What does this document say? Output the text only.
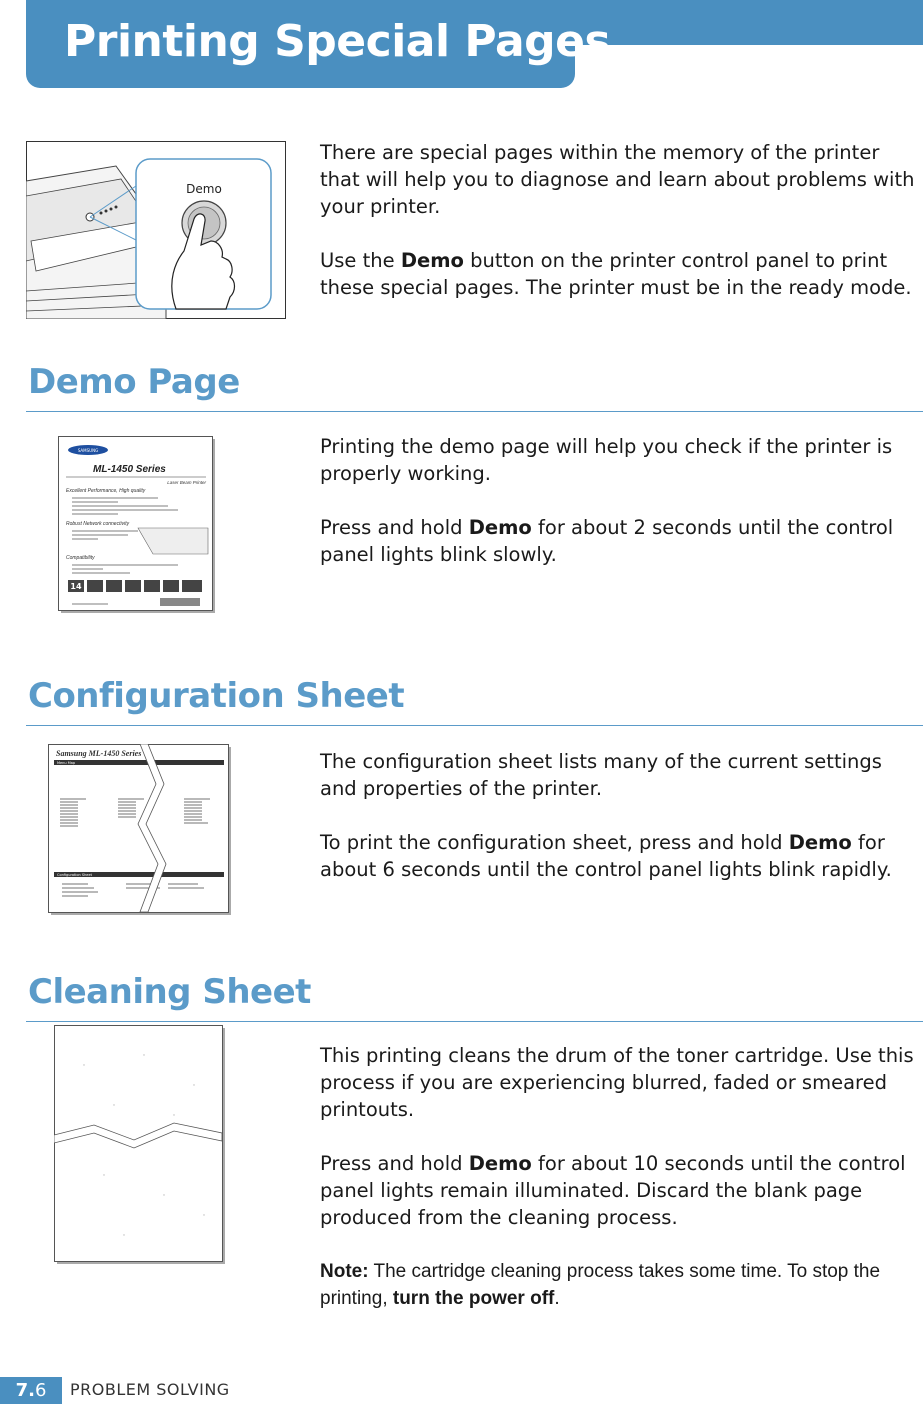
Printing Special Pages
Demo

There are special pages within the memory of the printer that will help you to diagnose and learn about problems with your printer.

Use the Demo button on the printer control panel to print these special pages. The printer must be in the ready mode.

Demo Page
SAMSUNG
ML-1450 Series
Laser Beam Printer
Excellent Performance, High quality
Robust Network connectivity
Compatibility
14

Printing the demo page will help you check if the printer is properly working.

Press and hold Demo for about 2 seconds until the control panel lights blink slowly.

Configuration Sheet
Samsung ML-1450 Series
Menu Map
Configuration Sheet

The configuration sheet lists many of the current settings and properties of the printer.

To print the configuration sheet, press and hold Demo for about 6 seconds until the control panel lights blink rapidly.

Cleaning Sheet

This printing cleans the drum of the toner cartridge. Use this process if you are experiencing blurred, faded or smeared printouts.

Press and hold Demo for about 10 seconds until the control panel lights remain illuminated. Discard the blank page produced from the cleaning process.

Note: The cartridge cleaning process takes some time. To stop the printing, turn the power off.

7.6	PROBLEM SOLVING
